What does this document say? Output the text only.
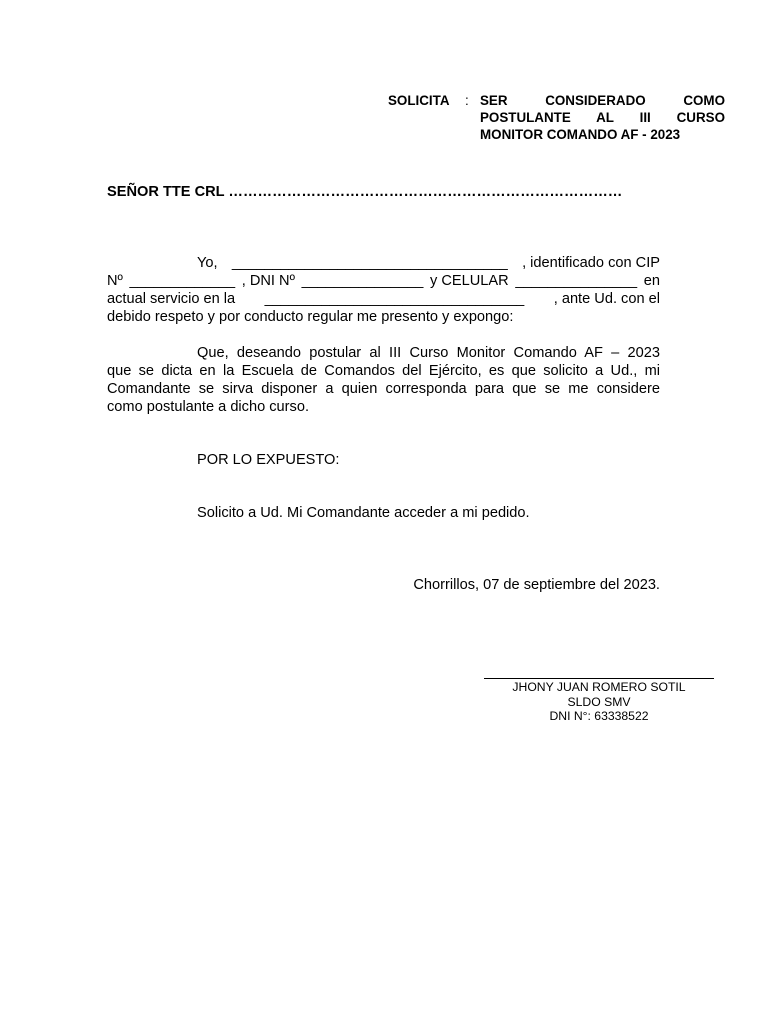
SOLICITA : SER CONSIDERADO COMO
POSTULANTE AL III CURSO
MONITOR COMANDO AF - 2023
SEÑOR TTE CRL ………………………………………………………………………
Yo, __________________________________ , identificado con CIP
Nº _____________ , DNI Nº _______________ y CELULAR _______________ en
actual servicio en la ________________________________ , ante Ud. con el
debido respeto y por conducto regular me presento y expongo:
Que, deseando postular al III Curso Monitor Comando AF – 2023
que se dicta en la Escuela de Comandos del Ejército, es que solicito a Ud., mi
Comandante se sirva disponer a quien corresponda para que se me considere
como postulante a dicho curso.
POR LO EXPUESTO:
Solicito a Ud. Mi Comandante acceder a mi pedido.
Chorrillos, 07 de septiembre del 2023.
JHONY JUAN ROMERO SOTIL
SLDO SMV
DNI N°: 63338522
